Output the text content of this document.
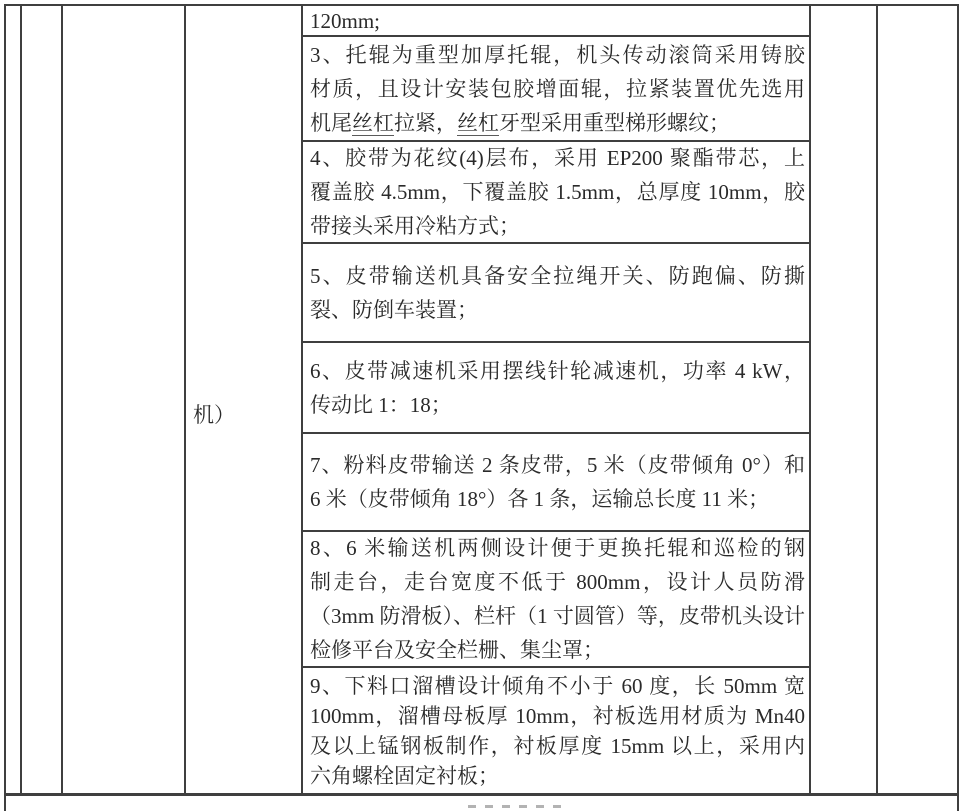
机）
120mm;
3、托辊为重型加厚托辊，机头传动滚筒采用铸胶
材质，且设计安装包胶增面辊，拉紧装置优先选用
机尾丝杠拉紧，丝杠牙型采用重型梯形螺纹；
4、胶带为花纹(4)层布，采用 EP200 聚酯带芯，上
覆盖胶 4.5mm，下覆盖胶 1.5mm，总厚度 10mm，胶
带接头采用冷粘方式；
5、皮带输送机具备安全拉绳开关、防跑偏、防撕
裂、防倒车装置；
6、皮带减速机采用摆线针轮减速机，功率 4 kW，
传动比 1：18；
7、粉料皮带输送 2 条皮带，5 米（皮带倾角 0°）和
6 米（皮带倾角 18°）各 1 条，运输总长度 11 米；
8、6 米输送机两侧设计便于更换托辊和巡检的钢
制走台，走台宽度不低于 800mm，设计人员防滑
（3mm 防滑板）、栏杆（1 寸圆管）等，皮带机头设计
检修平台及安全栏栅、集尘罩；
9、下料口溜槽设计倾角不小于 60 度，长 50mm 宽
100mm，溜槽母板厚 10mm，衬板选用材质为 Mn40
及以上锰钢板制作，衬板厚度 15mm 以上，采用内
六角螺栓固定衬板；
